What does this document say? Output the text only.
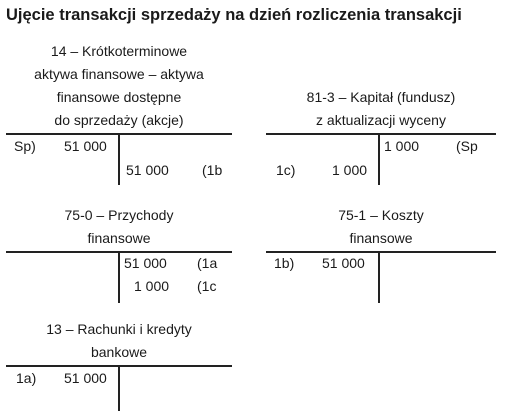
Ujęcie transakcji sprzedaży na dzień rozliczenia transakcji
14 – Krótkoterminowe
aktywa finansowe – aktywa
finansowe dostępne
do sprzedaży (akcje)
Sp) 51 000
51 000 (1b
81-3 – Kapitał (fundusz)
z aktualizacji wyceny
1c)	1 000
1 000	(Sp
75-0 – Przychody
finansowe
51 000 (1a
1 000 (1c
75-1 – Koszty
finansowe
1b) 51 000
13 – Rachunki i kredyty
bankowe
1a) 51 000
